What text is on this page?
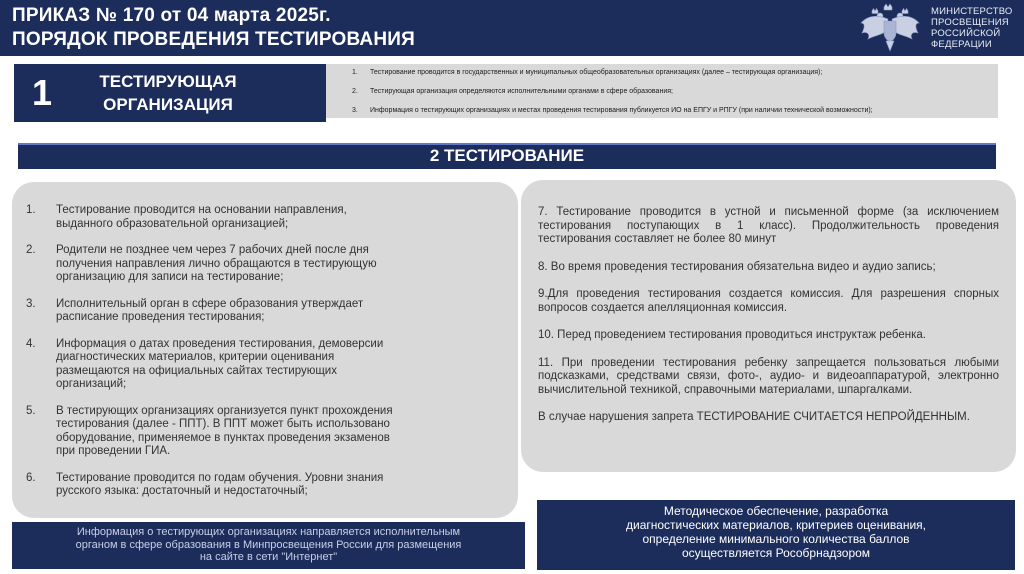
ПРИКАЗ № 170 от 04 марта 2025г.
ПОРЯДОК ПРОВЕДЕНИЯ ТЕСТИРОВАНИЯ
МИНИСТЕРСТВО
ПРОСВЕЩЕНИЯ
РОССИЙСКОЙ
ФЕДЕРАЦИИ
1	ТЕСТИРУЮЩАЯ
ОРГАНИЗАЦИЯ
1. Тестирование проводится в государственных и муниципальных общеобразовательных организациях (далее – тестирующая организация);
2. Тестирующая организация определяются исполнительными органами в сфере образования;
3. Информация о тестирующих организациях и местах проведения тестирования публикуется ИО на ЕПГУ и РПГУ (при наличии технической возможности);
2 ТЕСТИРОВАНИЕ
1.	Тестирование проводится на основании направления, выданного образовательной организацией;
2.	Родители не позднее чем через 7 рабочих дней после дня получения направления лично обращаются в тестирующую организацию для записи на тестирование;
3.	Исполнительный орган в сфере образования утверждает расписание проведения тестирования;
4.	Информация о датах проведения тестирования, демоверсии диагностических материалов, критерии оценивания размещаются на официальных сайтах тестирующих организаций;
5.	В тестирующих организациях организуется пункт прохождения тестирования (далее - ППТ). В ППТ может быть использовано оборудование, применяемое в пунктах проведения экзаменов при проведении ГИА.
6.	Тестирование проводится по годам обучения. Уровни знания русского языка: достаточный и недостаточный;
7. Тестирование проводится в устной и письменной форме (за исключением тестирования поступающих в 1 класс). Продолжительность проведения тестирования составляет не более 80 минут
8. Во время проведения тестирования обязательна видео и аудио запись;
9.Для проведения тестирования создается комиссия. Для разрешения спорных вопросов создается апелляционная комиссия.
10. Перед проведением тестирования проводиться инструктаж ребенка.
11. При проведении тестирования ребенку запрещается пользоваться любыми подсказками, средствами связи, фото-, аудио- и видеоаппаратурой, электронно вычислительной техникой, справочными материалами, шпаргалками.
В случае нарушения запрета ТЕСТИРОВАНИЕ СЧИТАЕТСЯ НЕПРОЙДЕННЫМ.
Информация о тестирующих организациях направляется исполнительным
органом в сфере образования в Минпросвещения России для размещения
на сайте в сети "Интернет"
Методическое обеспечение, разработка
диагностических материалов, критериев оценивания,
определение минимального количества баллов
осуществляется Рособрнадзором
